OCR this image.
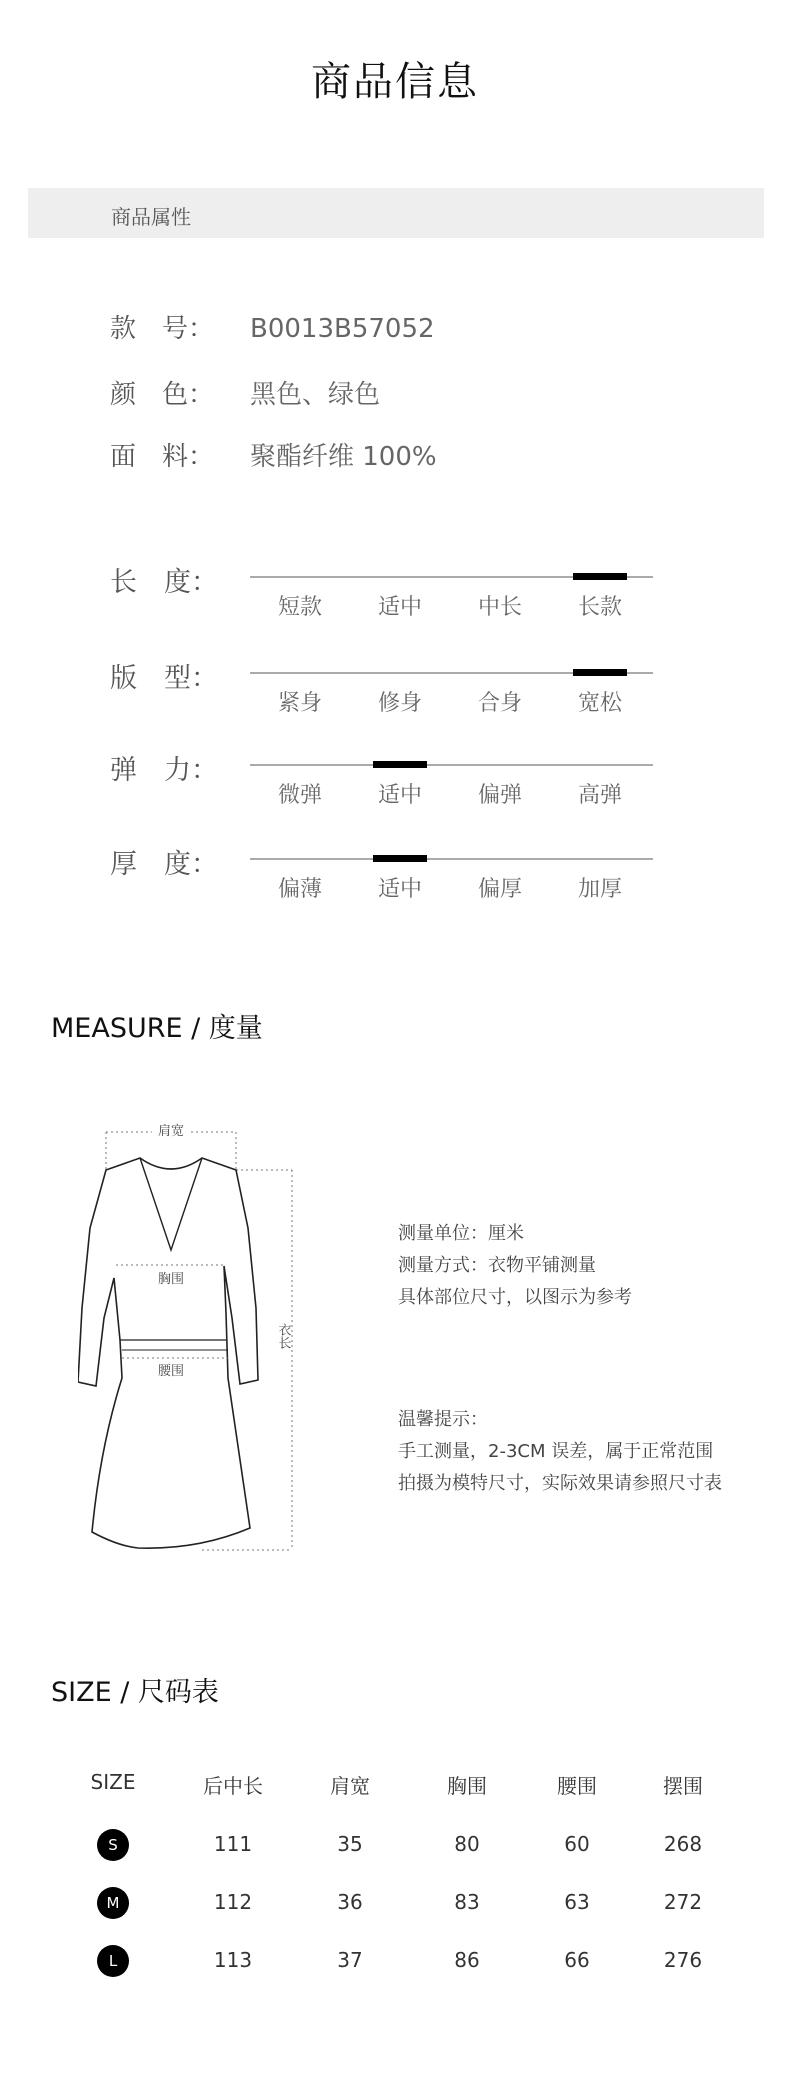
商品信息
商品属性
款　号： B0013B57052
颜　色： 黑色、绿色
面　料： 聚酯纤维 100%
长　度：
短款	适中	中长	长款
版　型：
紧身	修身	合身	宽松
弹　力：
微弹	适中	偏弹	高弹
厚　度：
偏薄	适中	偏厚	加厚
MEASURE / 度量
肩宽
衣长
胸围
腰围
测量单位：厘米
测量方式：衣物平铺测量
具体部位尺寸，以图示为参考
温馨提示：
手工测量，2-3CM 误差，属于正常范围
拍摄为模特尺寸，实际效果请参照尺寸表
SIZE / 尺码表
SIZE	后中长	肩宽	胸围	腰围	摆围
S	111	35	80	60	268
M	112	36	83	63	272
L	113	37	86	66	276
